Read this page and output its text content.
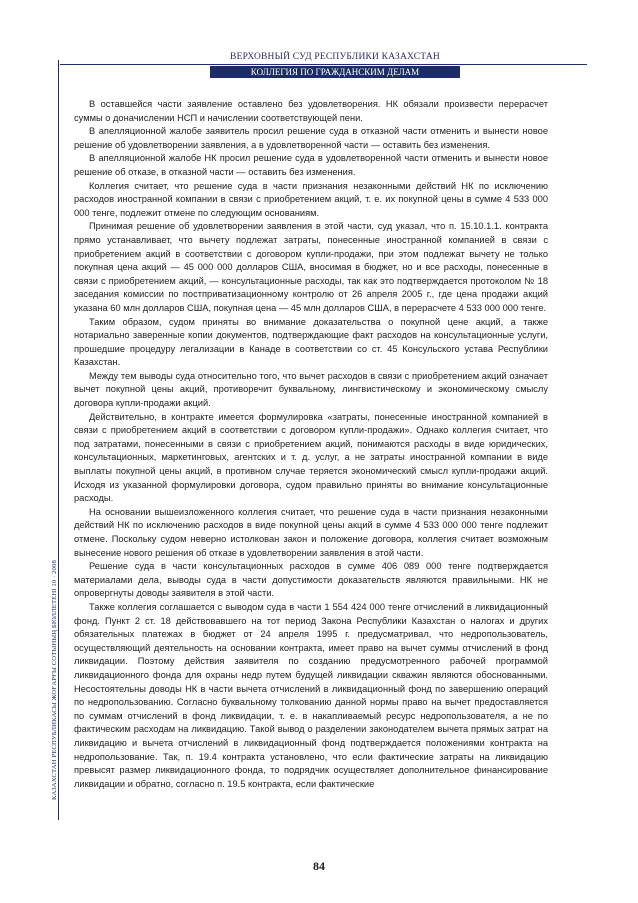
ВЕРХОВНЫЙ СУД РЕСПУБЛИКИ КАЗАХСТАН
КОЛЛЕГИЯ ПО ГРАЖДАНСКИМ ДЕЛАМ
КАЗАХСТАН РЕСПУБЛИКАСЫ ЖОҒАРҒЫ СОТЫНЫҢ БЮЛЛЕТЕНІ 10 · 2008

В оставшейся части заявление оставлено без удовлетворения. НК обязали произвести перерасчет суммы о доначислении НСП и начислении соответствующей пени.

В апелляционной жалобе заявитель просил решение суда в отказной части отменить и вынести новое решение об удовлетворении заявления, а в удовлетворенной части — оставить без изменения.

В апелляционной жалобе НК просил решение суда в удовлетворенной части отменить и вынести новое решение об отказе, в отказной части — оставить без изменения.

Коллегия считает, что решение суда в части признания незаконными действий НК по исключению расходов иностранной компании в связи с приобретением акций, т. е. их покупной цены в сумме 4 533 000 000 тенге, подлежит отмене по следующим основаниям.

Принимая решение об удовлетворении заявления в этой части, суд указал, что п. 15.10.1.1. контракта прямо устанавливает, что вычету подлежат затраты, понесенные иностранной компанией в связи с приобретением акций в соответствии с договором купли-продажи, при этом подлежат вычету не только покупная цена акций — 45 000 000 долларов США, вносимая в бюджет, но и все расходы, понесенные в связи с приобретением акций, — консультационные расходы, так как это подтверждается протоколом № 18 заседания комиссии по постприватизационному контролю от 26 апреля 2005 г., где цена продажи акций указана 60 млн долларов США, покупная цена — 45 млн долларов США, в перерасчете 4 533 000 000 тенге.

Таким образом, судом приняты во внимание доказательства о покупной цене акций, а также нотариально заверенные копии документов, подтверждающие факт расходов на консультационные услуги, прошедшие процедуру легализации в Канаде в соответствии со ст. 45 Консульского устава Республики Казахстан.

Между тем выводы суда относительно того, что вычет расходов в связи с приобретением акций означает вычет покупной цены акций, противоречит буквальному, лингвистическому и экономическому смыслу договора купли-продажи акций.

Действительно, в контракте имеется формулировка «затраты, понесенные иностранной компанией в связи с приобретением акций в соответствии с договором купли-продажи». Однако коллегия считает, что под затратами, понесенными в связи с приобретением акций, понимаются расходы в виде юридических, консультационных, маркетинговых, агентских и т. д. услуг, а не затраты иностранной компании в виде выплаты покупной цены акций, в противном случае теряется экономический смысл купли-продажи акций. Исходя из указанной формулировки договора, судом правильно приняты во внимание консультационные расходы.

На основании вышеизложенного коллегия считает, что решение суда в части признания незаконными действий НК по исключению расходов в виде покупной цены акций в сумме 4 533 000 000 тенге подлежит отмене. Поскольку судом неверно истолкован закон и положение договора, коллегия считает возможным вынесение нового решения об отказе в удовлетворении заявления в этой части.

Решение суда в части консультационных расходов в сумме 406 089 000 тенге подтверждается материалами дела, выводы суда в части допустимости доказательств являются правильными. НК не опровергнуты доводы заявителя в этой части.

Также коллегия соглашается с выводом суда в части 1 554 424 000 тенге отчислений в ликвидационный фонд. Пункт 2 ст. 18 действовавшего на тот период Закона Республики Казахстан о налогах и других обязательных платежах в бюджет от 24 апреля 1995 г. предусматривал, что недропользователь, осуществляющий деятельность на основании контракта, имеет право на вычет суммы отчислений в фонд ликвидации. Поэтому действия заявителя по созданию предусмотренного рабочей программой ликвидационного фонда для охраны недр путем будущей ликвидации скважин являются обоснованными. Несостоятельны доводы НК в части вычета отчислений в ликвидационный фонд по завершению операций по недропользованию. Согласно буквальному толкованию данной нормы право на вычет предоставляется по суммам отчислений в фонд ликвидации, т. е. в накапливаемый ресурс недропользователя, а не по фактическим расходам на ликвидацию. Такой вывод о разделении законодателем вычета прямых затрат на ликвидацию и вычета отчислений в ликвидационный фонд подтверждается положениями контракта на недропользование. Так, п. 19.4 контракта установлено, что если фактические затраты на ликвидацию превысят размер ликвидационного фонда, то подрядчик осуществляет дополнительное финансирование ликвидации и обратно, согласно п. 19.5 контракта, если фактические

84
